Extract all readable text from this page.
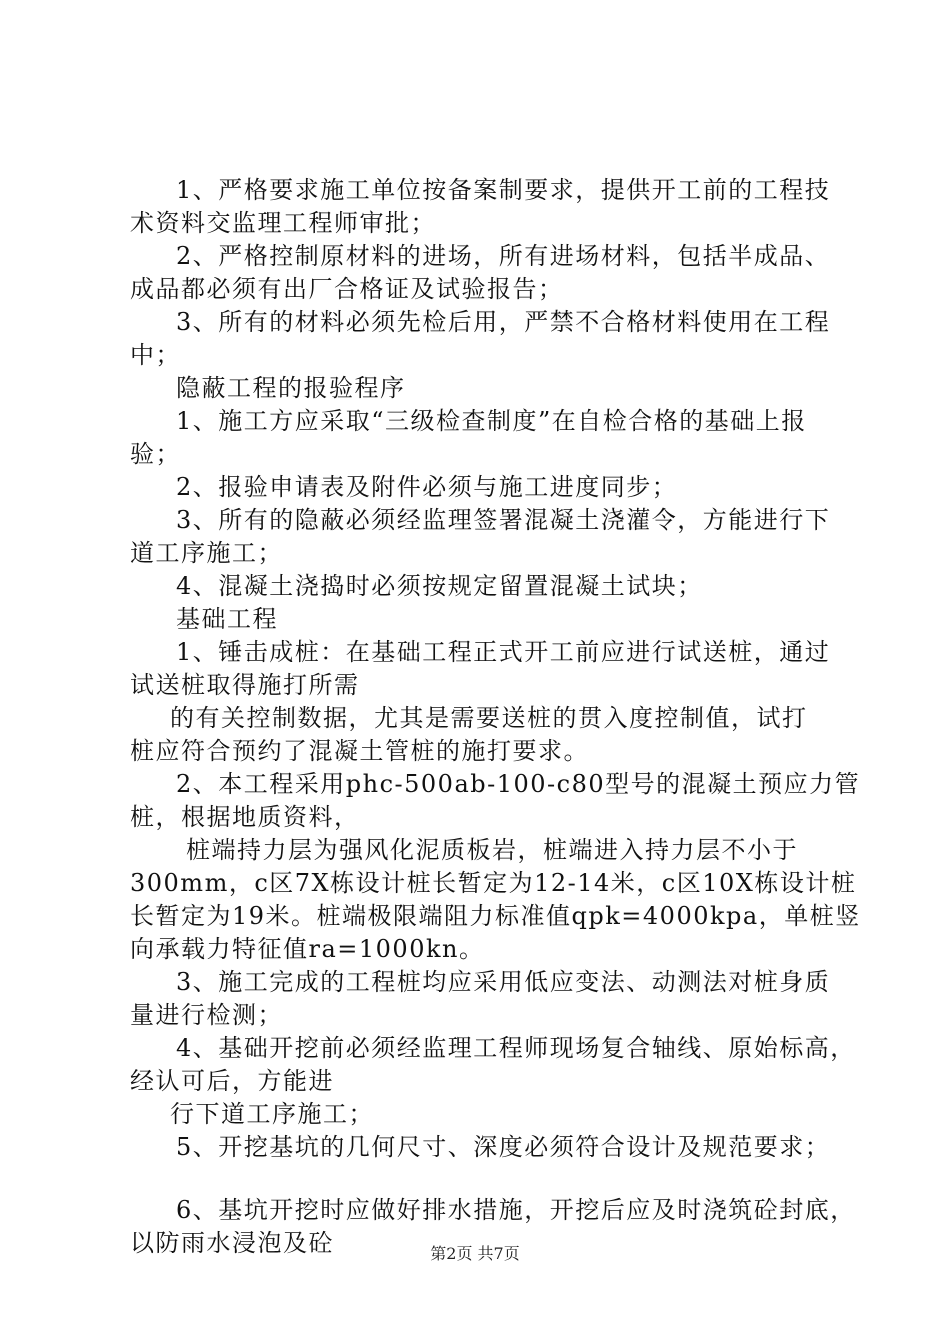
1、严格要求施工单位按备案制要求，提供开工前的工程技
术资料交监理工程师审批；
2、严格控制原材料的进场，所有进场材料，包括半成品、
成品都必须有出厂合格证及试验报告；
3、所有的材料必须先检后用，严禁不合格材料使用在工程
中；
隐蔽工程的报验程序
1、施工方应采取“三级检查制度”在自检合格的基础上报
验；
2、报验申请表及附件必须与施工进度同步；
3、所有的隐蔽必须经监理签署混凝土浇灌令，方能进行下
道工序施工；
4、混凝土浇捣时必须按规定留置混凝土试块；
基础工程
1、锤击成桩：在基础工程正式开工前应进行试送桩，通过
试送桩取得施打所需
的有关控制数据，尤其是需要送桩的贯入度控制值，试打
桩应符合预约了混凝土管桩的施打要求。
2、本工程采用phc-500ab-100-c80型号的混凝土预应力管
桩，根据地质资料，
桩端持力层为强风化泥质板岩，桩端进入持力层不小于
300mm，c区7X栋设计桩长暂定为12-14米，c区10X栋设计桩
长暂定为19米。桩端极限端阻力标准值qpk=4000kpa，单桩竖
向承载力特征值ra=1000kn。
3、施工完成的工程桩均应采用低应变法、动测法对桩身质
量进行检测；
4、基础开挖前必须经监理工程师现场复合轴线、原始标高，
经认可后，方能进
行下道工序施工；
5、开挖基坑的几何尺寸、深度必须符合设计及规范要求；
6、基坑开挖时应做好排水措施，开挖后应及时浇筑砼封底，
以防雨水浸泡及砼	第2页 共7页
